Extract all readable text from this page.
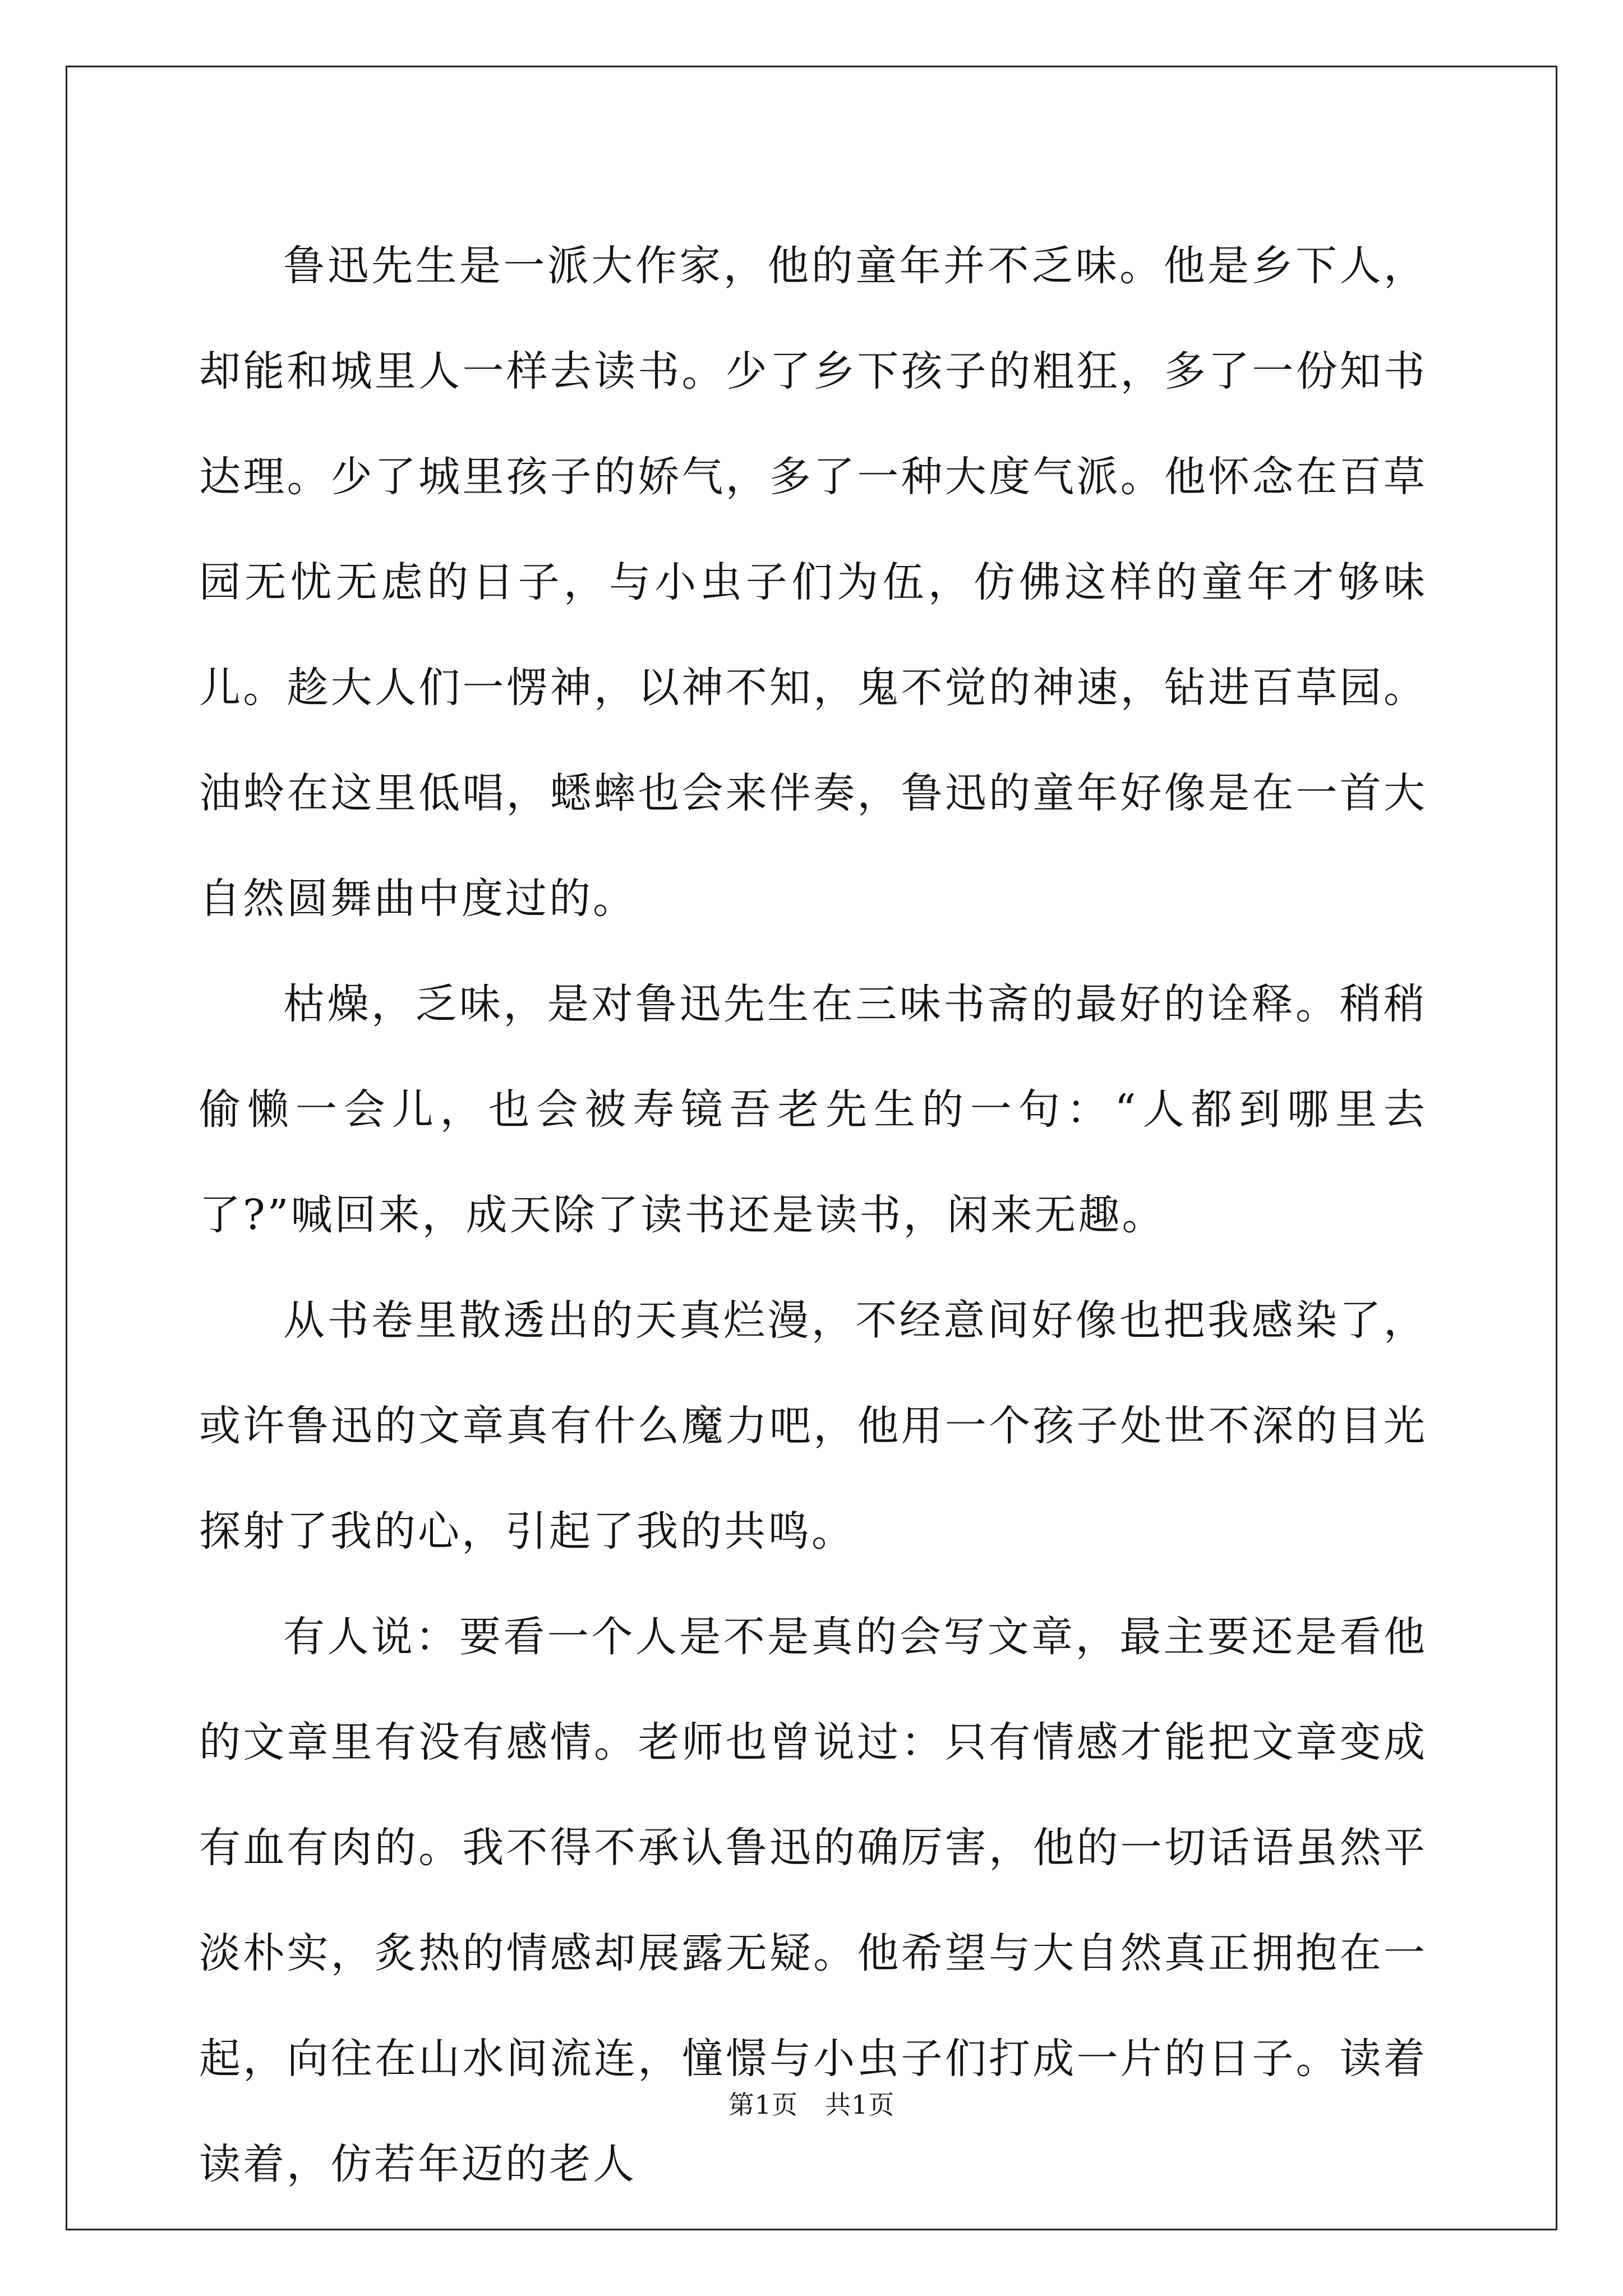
鲁迅先生是一派大作家，他的童年并不乏味。他是乡下人，却能和城里人一样去读书。少了乡下孩子的粗狂，多了一份知书达理。少了城里孩子的娇气，多了一种大度气派。他怀念在百草园无忧无虑的日子，与小虫子们为伍，仿佛这样的童年才够味儿。趁大人们一愣神，以神不知，鬼不觉的神速，钻进百草园。油蛉在这里低唱，蟋蟀也会来伴奏，鲁迅的童年好像是在一首大自然圆舞曲中度过的。

枯燥，乏味，是对鲁迅先生在三味书斋的最好的诠释。稍稍偷懒一会儿，也会被寿镜吾老先生的一句：“人都到哪里去了?”喊回来，成天除了读书还是读书，闲来无趣。

从书卷里散透出的天真烂漫，不经意间好像也把我感染了，或许鲁迅的文章真有什么魔力吧，他用一个孩子处世不深的目光探射了我的心，引起了我的共鸣。

有人说：要看一个人是不是真的会写文章，最主要还是看他的文章里有没有感情。老师也曾说过：只有情感才能把文章变成有血有肉的。我不得不承认鲁迅的确厉害，他的一切话语虽然平淡朴实，炙热的情感却展露无疑。他希望与大自然真正拥抱在一起，向往在山水间流连，憧憬与小虫子们打成一片的日子。读着读着，仿若年迈的老人

第1页 共1页
